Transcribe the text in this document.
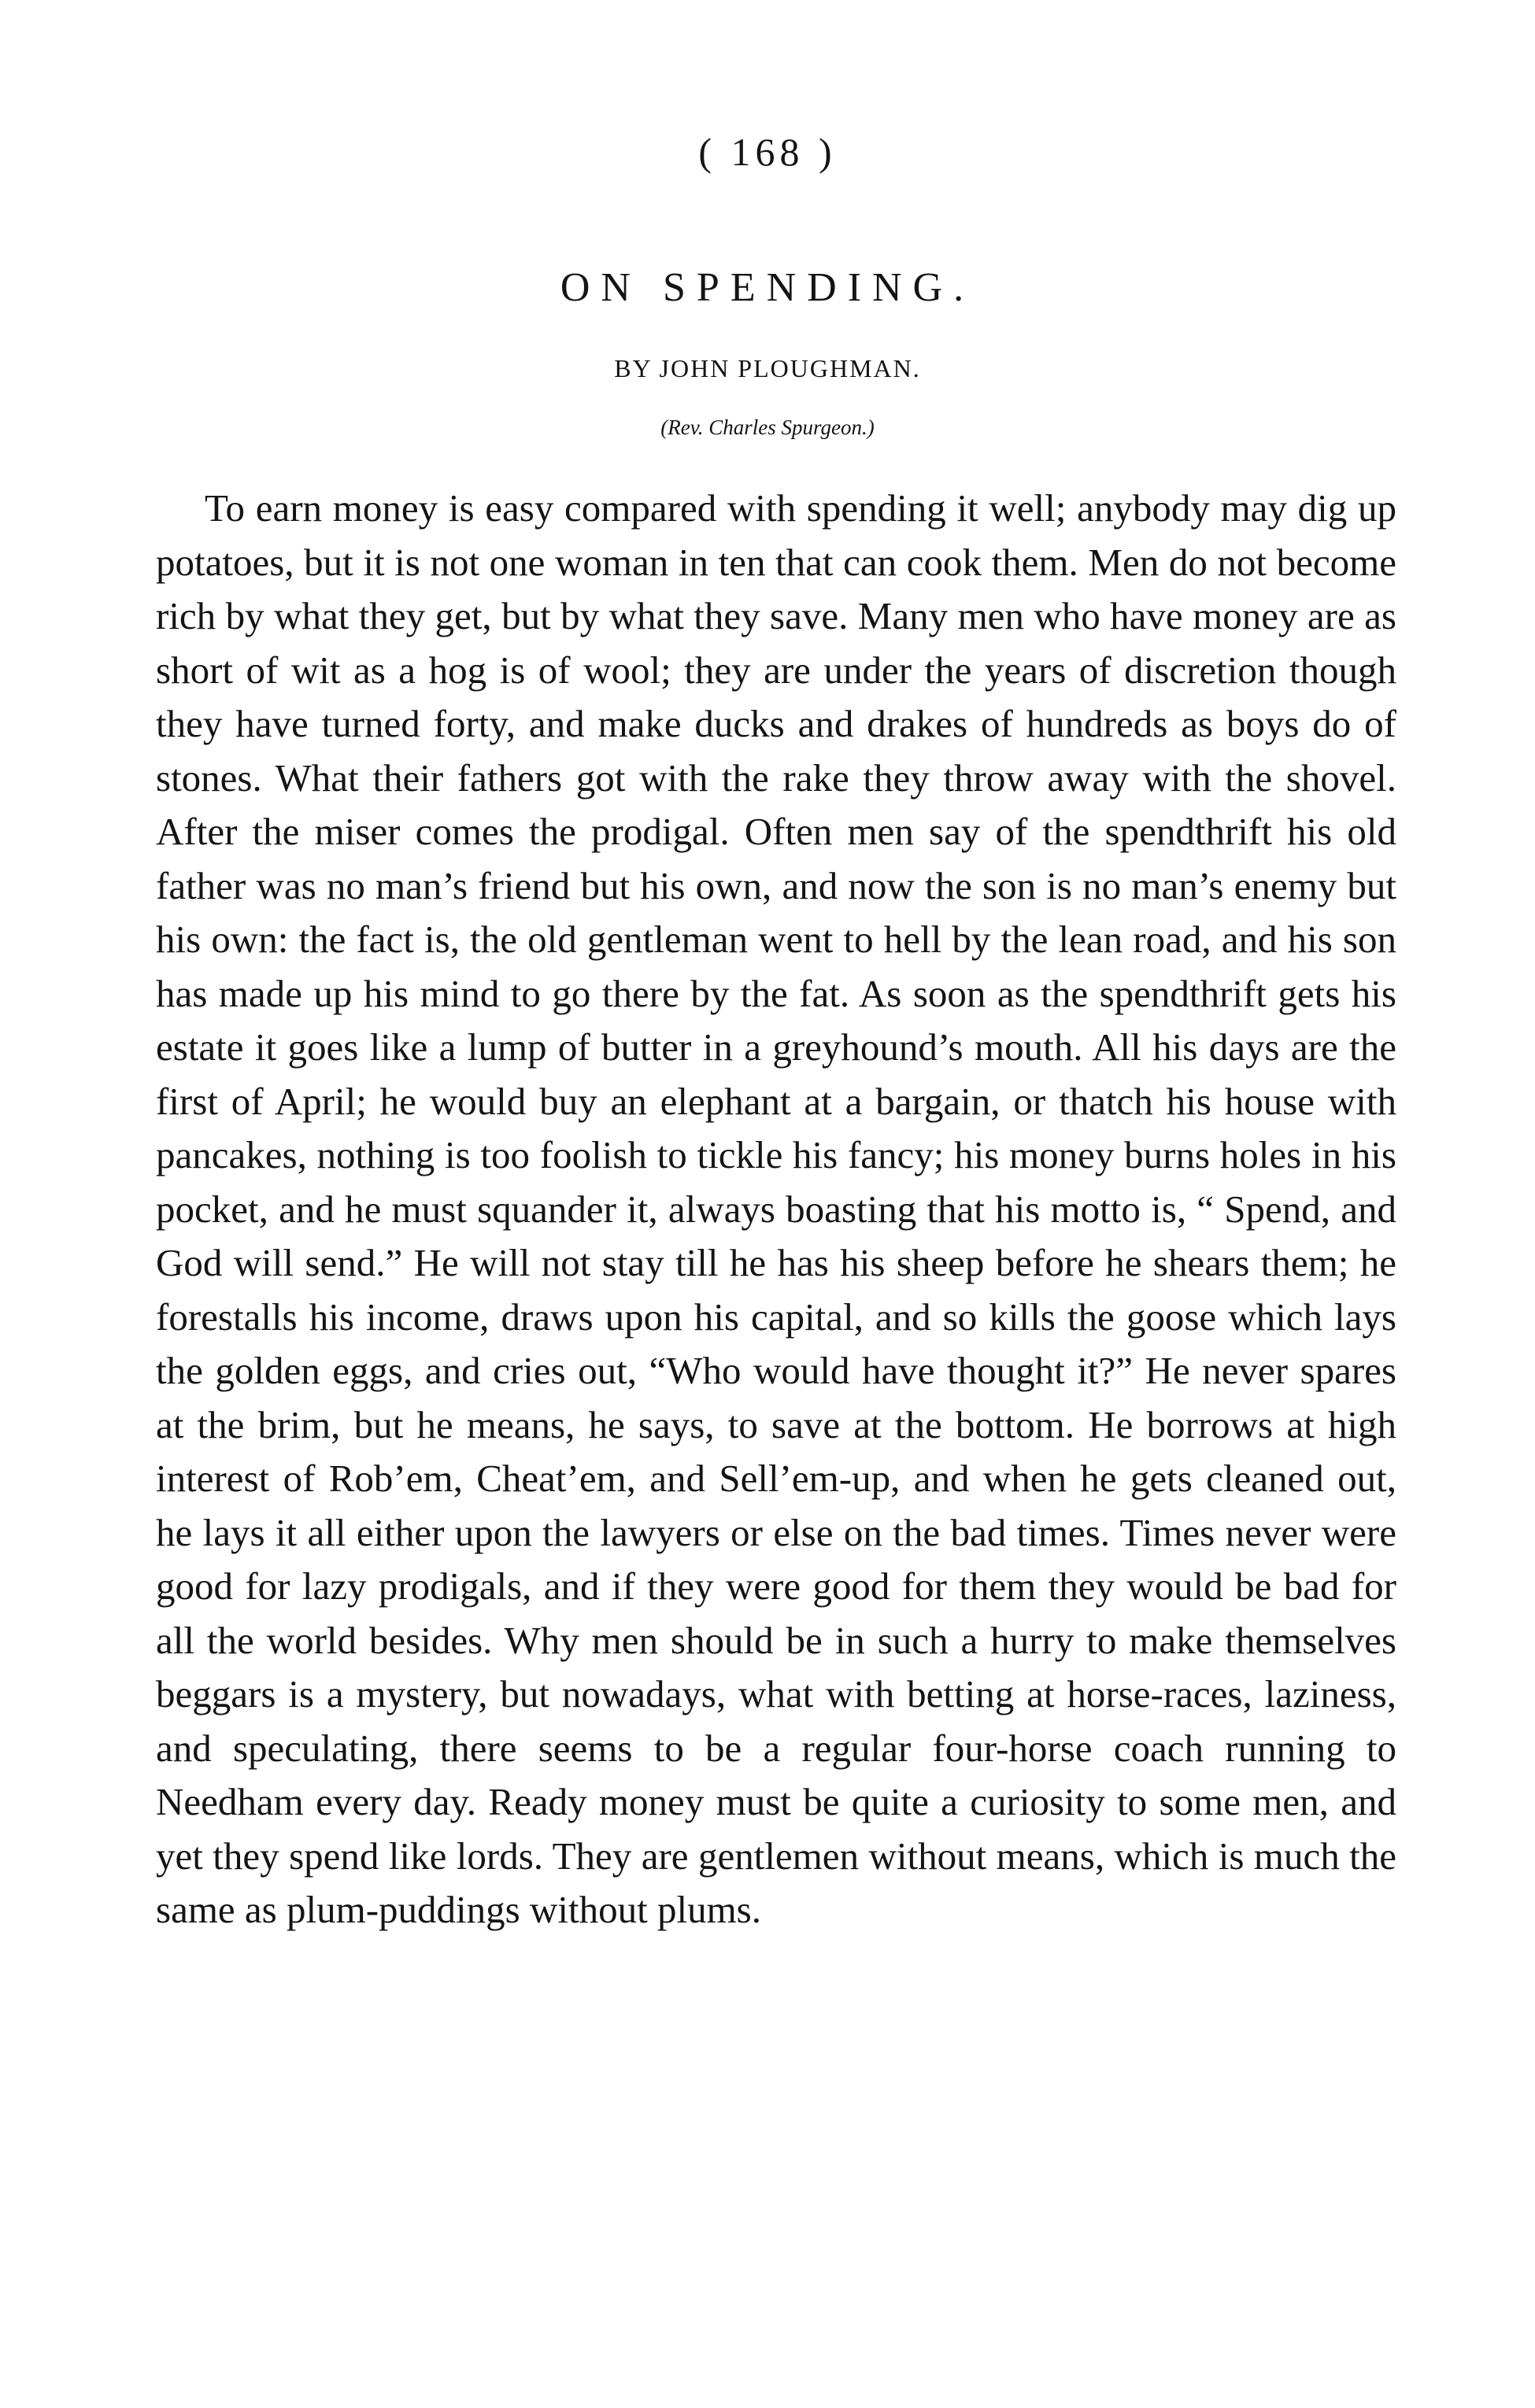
( 168 )
ON SPENDING.
BY JOHN PLOUGHMAN.
(Rev. Charles Spurgeon.)

To earn money is easy compared with spending it well; anybody may dig up potatoes, but it is not one woman in ten that can cook them. Men do not become rich by what they get, but by what they save. Many men who have money are as short of wit as a hog is of wool; they are under the years of discretion though they have turned forty, and make ducks and drakes of hundreds as boys do of stones. What their fathers got with the rake they throw away with the shovel. After the miser comes the prodigal. Often men say of the spendthrift his old father was no man’s friend but his own, and now the son is no man’s enemy but his own: the fact is, the old gentleman went to hell by the lean road, and his son has made up his mind to go there by the fat. As soon as the spendthrift gets his estate it goes like a lump of butter in a greyhound’s mouth. All his days are the first of April; he would buy an elephant at a bargain, or thatch his house with pancakes, nothing is too foolish to tickle his fancy; his money burns holes in his pocket, and he must squander it, always boasting that his motto is, “ Spend, and God will send.” He will not stay till he has his sheep before he shears them; he forestalls his income, draws upon his capital, and so kills the goose which lays the golden eggs, and cries out, “Who would have thought it?” He never spares at the brim, but he means, he says, to save at the bottom. He borrows at high interest of Rob’em, Cheat’em, and Sell’em-up, and when he gets cleaned out, he lays it all either upon the lawyers or else on the bad times. Times never were good for lazy prodigals, and if they were good for them they would be bad for all the world besides. Why men should be in such a hurry to make themselves beggars is a mystery, but nowadays, what with betting at horse-races, laziness, and speculating, there seems to be a regular four-horse coach running to Needham every day. Ready money must be quite a curiosity to some men, and yet they spend like lords. They are gentlemen without means, which is much the same as plum-puddings without plums.
